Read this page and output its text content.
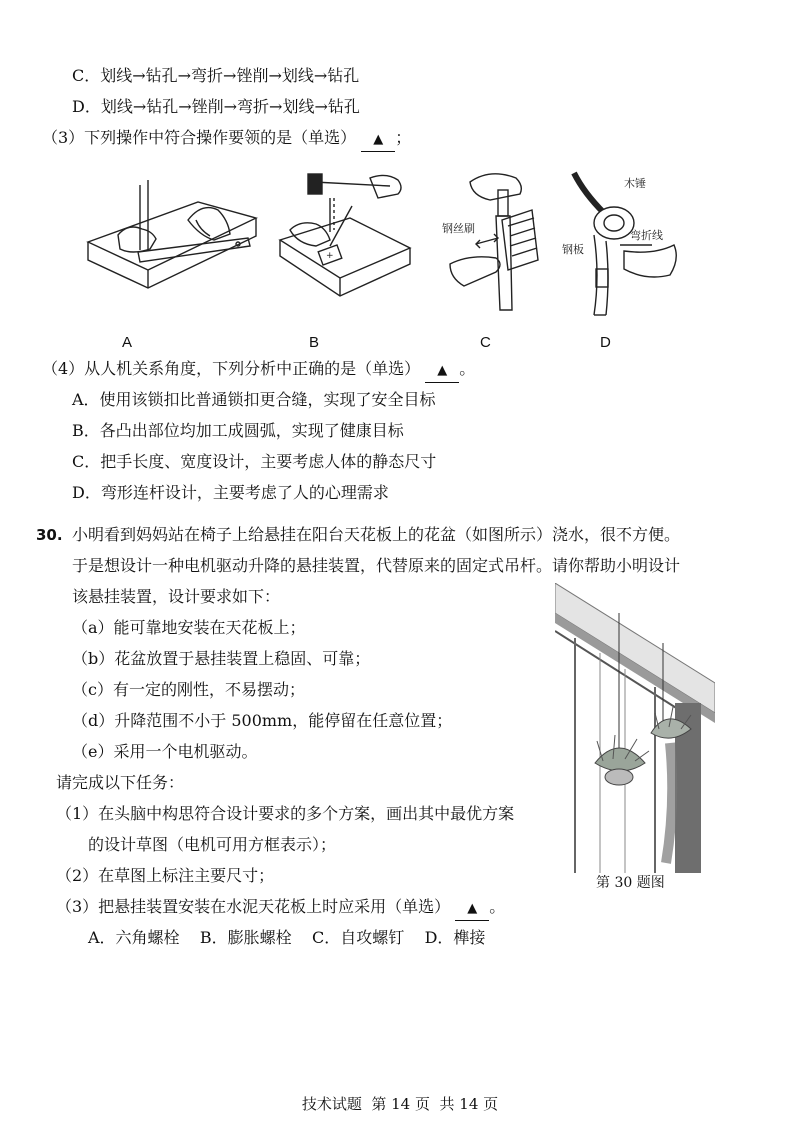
C．划线→钻孔→弯折→锉削→划线→钻孔
D．划线→钻孔→锉削→弯折→划线→钻孔
（3）下列操作中符合操作要领的是（单选） ▲ ；
+
钢丝刷
木锤
钢板
弯折线
A	B	C	D
（4）从人机关系角度，下列分析中正确的是（单选） ▲ 。
A．使用该锁扣比普通锁扣更合缝，实现了安全目标
B．各凸出部位均加工成圆弧，实现了健康目标
C．把手长度、宽度设计，主要考虑人体的静态尺寸
D．弯形连杆设计，主要考虑了人的心理需求
30. 小明看到妈妈站在椅子上给悬挂在阳台天花板上的花盆（如图所示）浇水，很不方便。
于是想设计一种电机驱动升降的悬挂装置，代替原来的固定式吊杆。请你帮助小明设计
该悬挂装置，设计要求如下：
（a）能可靠地安装在天花板上；
（b）花盆放置于悬挂装置上稳固、可靠；
（c）有一定的刚性，不易摆动；
（d）升降范围不小于 500mm，能停留在任意位置；
（e）采用一个电机驱动。
请完成以下任务：
（1）在头脑中构思符合设计要求的多个方案，画出其中最优方案
的设计草图（电机可用方框表示）；
（2）在草图上标注主要尺寸；
（3）把悬挂装置安装在水泥天花板上时应采用（单选） ▲ 。
A．六角螺栓    B．膨胀螺栓    C．自攻螺钉    D．榫接
第 30 题图
技术试题  第 14 页  共 14 页
